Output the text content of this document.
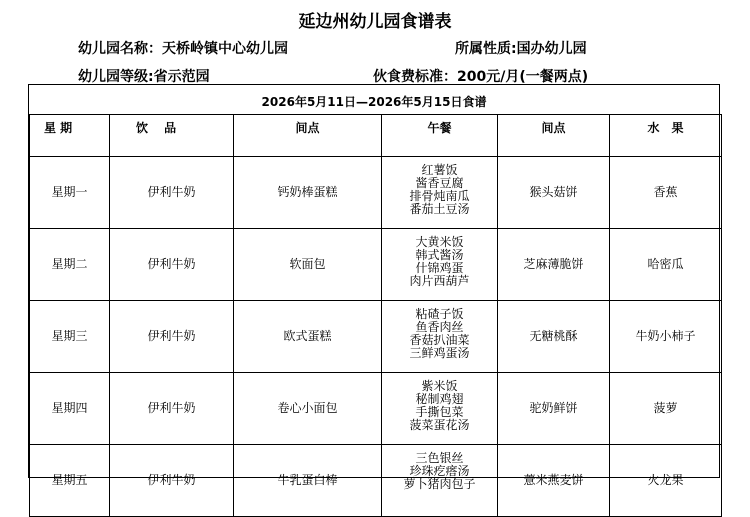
延边州幼儿园食谱表
幼儿园名称：天桥岭镇中心幼儿园	所属性质:国办幼儿园
幼儿园等级:省示范园	伙食费标准：200元/月(一餐两点)
2026年5月11日—2026年5月15日食谱
星 期	饮　 品	间点	午餐	间点	水　果
星期一	伊利牛奶	钙奶棒蛋糕	红薯饭
酱香豆腐
排骨炖南瓜
番茄土豆汤	猴头菇饼	香蕉
星期二	伊利牛奶	软面包	大黄米饭
韩式酱汤
什锦鸡蛋
肉片西葫芦	芝麻薄脆饼	哈密瓜
星期三	伊利牛奶	欧式蛋糕	粘碴子饭
鱼香肉丝
香菇扒油菜
三鲜鸡蛋汤	无糖桃酥	牛奶小柿子
星期四	伊利牛奶	卷心小面包	紫米饭
秘制鸡翅
手撕包菜
菠菜蛋花汤	驼奶鲜饼	菠萝
星期五	伊利牛奶	牛乳蛋白棒	三色银丝
珍珠疙瘩汤
萝卜猪肉包子	薏米燕麦饼	火龙果
